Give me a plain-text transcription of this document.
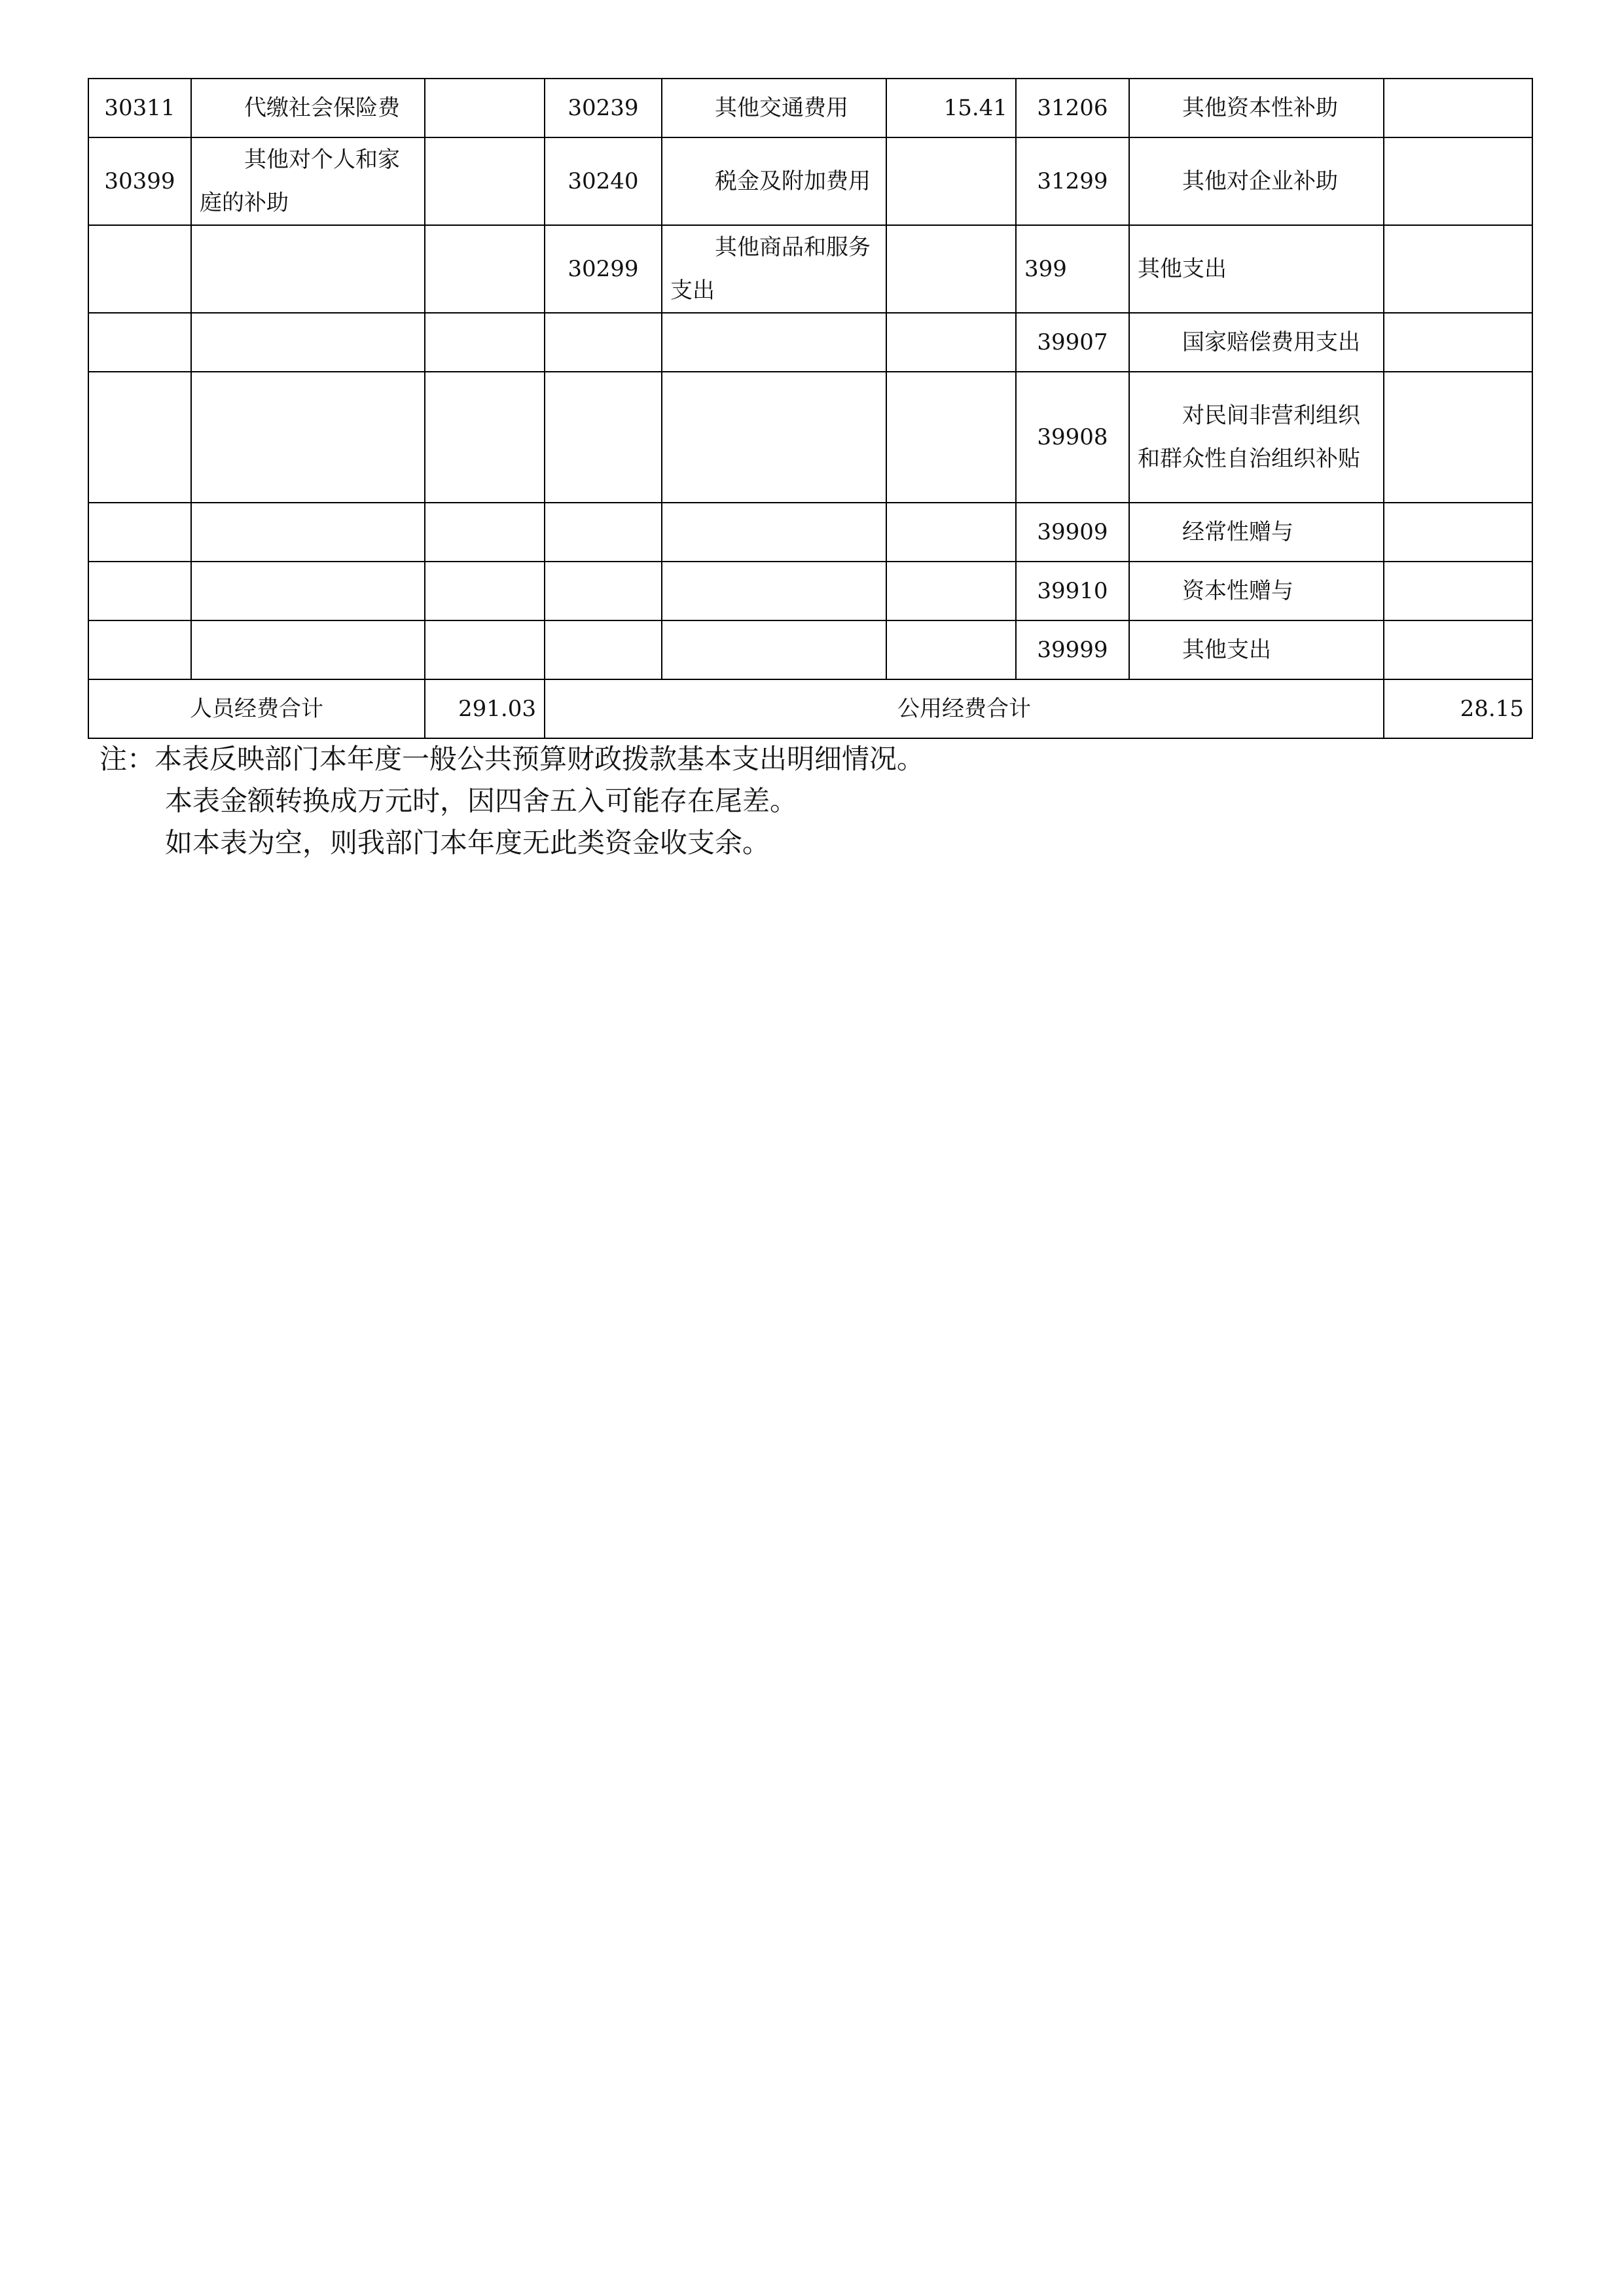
30311	代缴社会保险费		30239	其他交通费用	15.41	31206	其他资本性补助	
30399	其他对个人和家庭的补助		30240	税金及附加费用		31299	其他对企业补助	
			30299	其他商品和服务支出		399	其他支出	
						39907	国家赔偿费用支出	
						39908	对民间非营利组织和群众性自治组织补贴	
						39909	经常性赠与	
						39910	资本性赠与	
						39999	其他支出	
人员经费合计		291.03	公用经费合计					28.15
注：本表反映部门本年度一般公共预算财政拨款基本支出明细情况。
本表金额转换成万元时，因四舍五入可能存在尾差。
如本表为空，则我部门本年度无此类资金收支余。
